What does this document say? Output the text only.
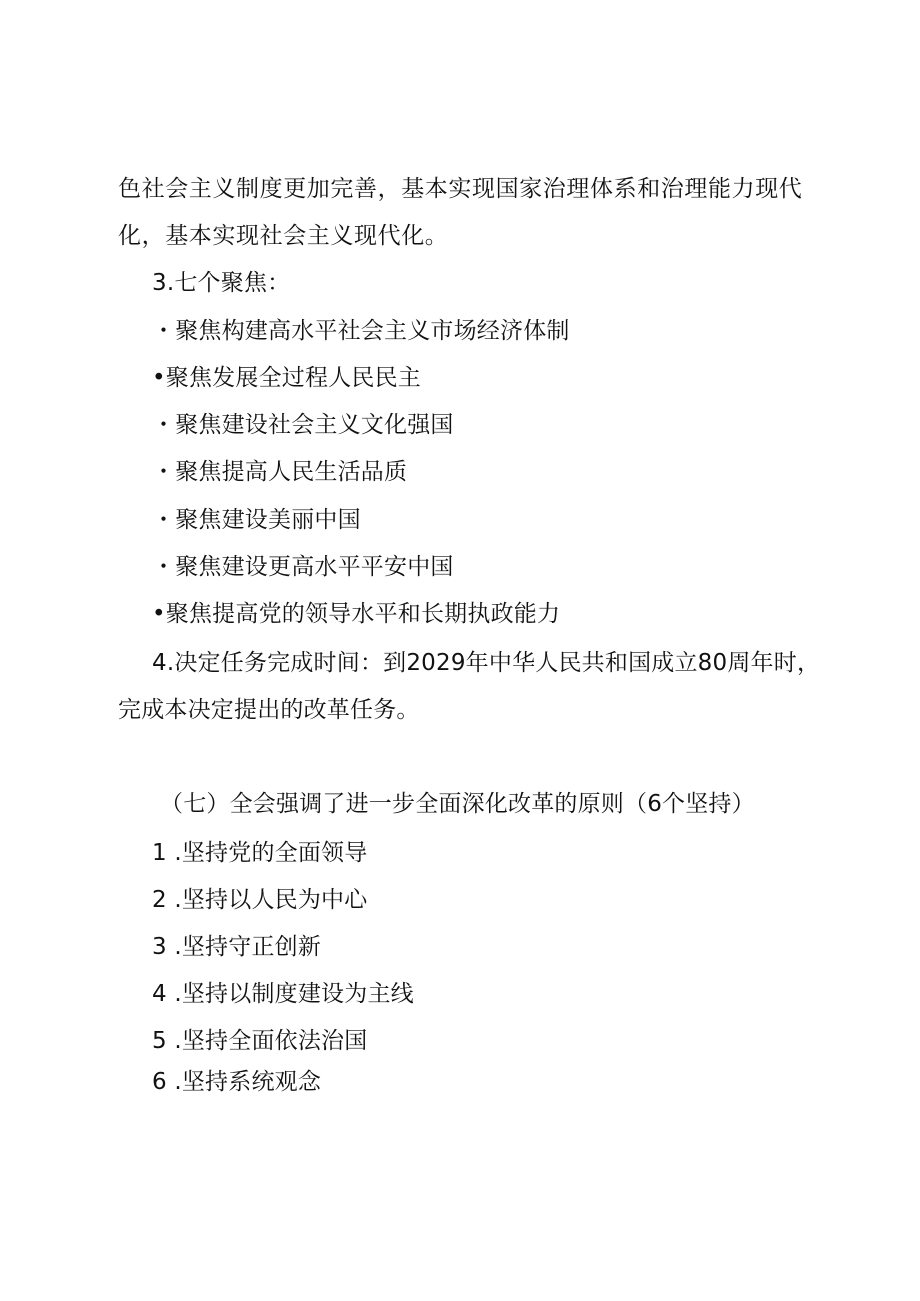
色社会主义制度更加完善，基本实现国家治理体系和治理能力现代
化，基本实现社会主义现代化。
3.七个聚焦：
・聚焦构建高水平社会主义市场经济体制
•聚焦发展全过程人民民主
・聚焦建设社会主义文化强国
・聚焦提高人民生活品质
・聚焦建设美丽中国
・聚焦建设更高水平平安中国
•聚焦提高党的领导水平和长期执政能力
4.决定任务完成时间：到2029年中华人民共和国成立80周年时，
完成本决定提出的改革任务。
（七）全会强调了进一步全面深化改革的原则（6个坚持）
1 .坚持党的全面领导
2 .坚持以人民为中心
3 .坚持守正创新
4 .坚持以制度建设为主线
5 .坚持全面依法治国
6 .坚持系统观念
